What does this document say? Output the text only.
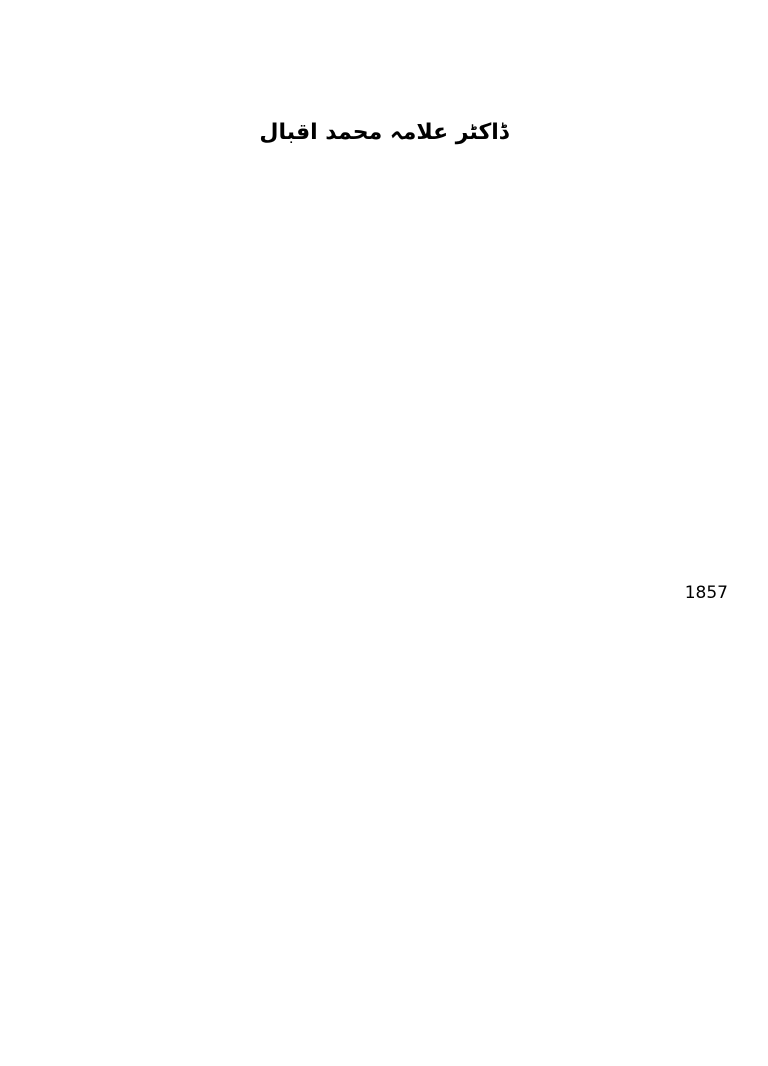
ڈاکٹر علامہ محمد اقبال
1857
